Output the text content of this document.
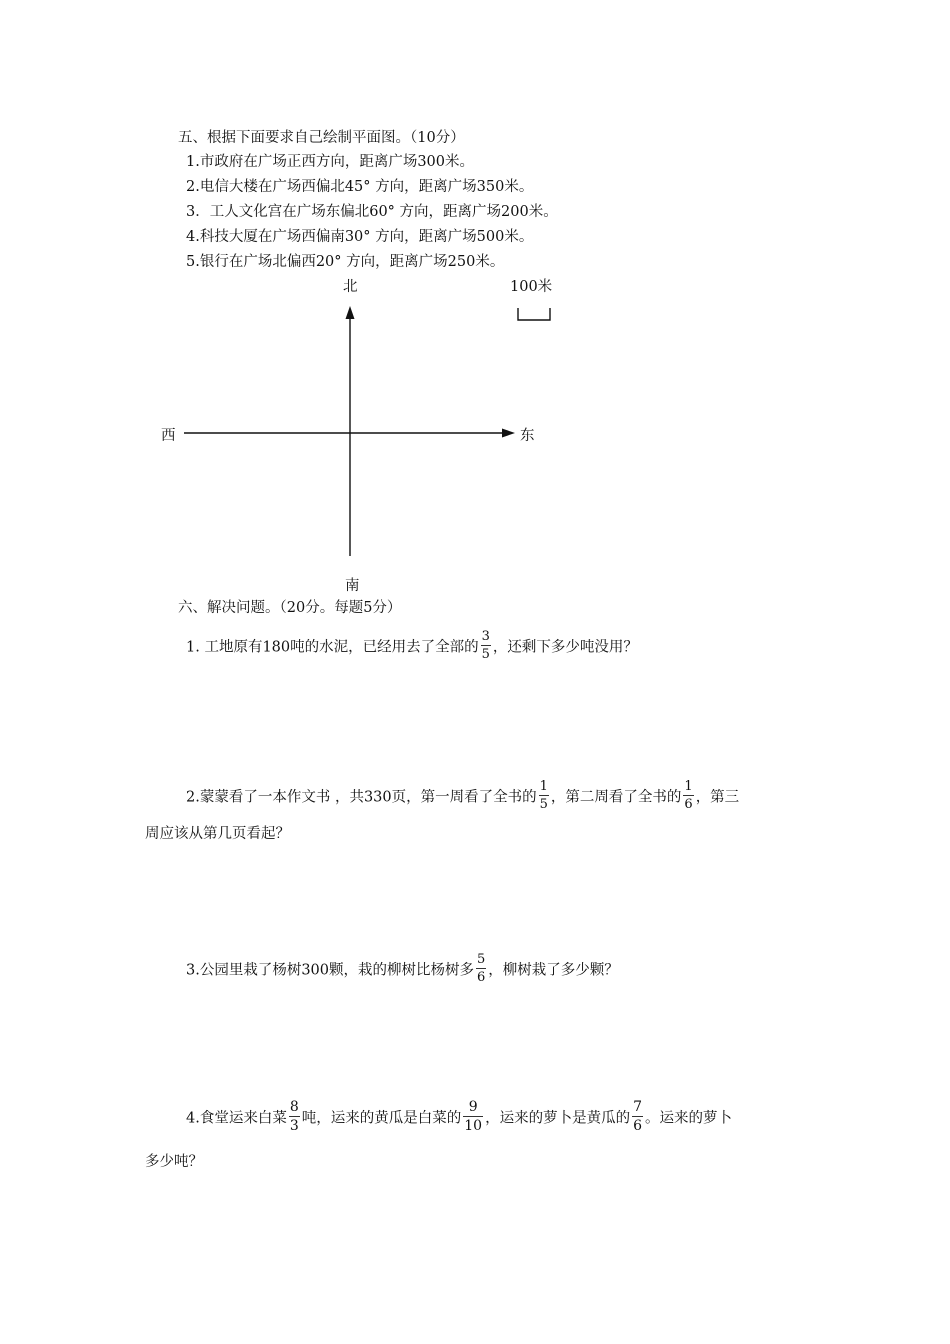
五、根据下面要求自己绘制平面图。（10分）
1.市政府在广场正西方向，距离广场300米。
2.电信大楼在广场西偏北45° 方向，距离广场350米。
3．工人文化宫在广场东偏北60° 方向，距离广场200米。
4.科技大厦在广场西偏南30° 方向，距离广场500米。
5.银行在广场北偏西20° 方向，距离广场250米。
北	100米
西	东
南
六、解决问题。（20分。每题5分）
1. 工地原有180吨的水泥，已经用去了全部的 $\frac{3}{5}$ ，还剩下多少吨没用？
2.蒙蒙看了一本作文书 ，共330页，第一周看了全书的 $\frac{1}{5}$ ，第二周看了全书的 $\frac{1}{6}$ ，第三
周应该从第几页看起？
3.公园里栽了杨树300颗，栽的柳树比杨树多 $\frac{5}{6}$ ，柳树栽了多少颗？
4.食堂运来白菜 $\frac{8}{3}$ 吨，运来的黄瓜是白菜的 $\frac{9}{10}$ ，运来的萝卜是黄瓜的 $\frac{7}{6}$ 。运来的萝卜
多少吨？
